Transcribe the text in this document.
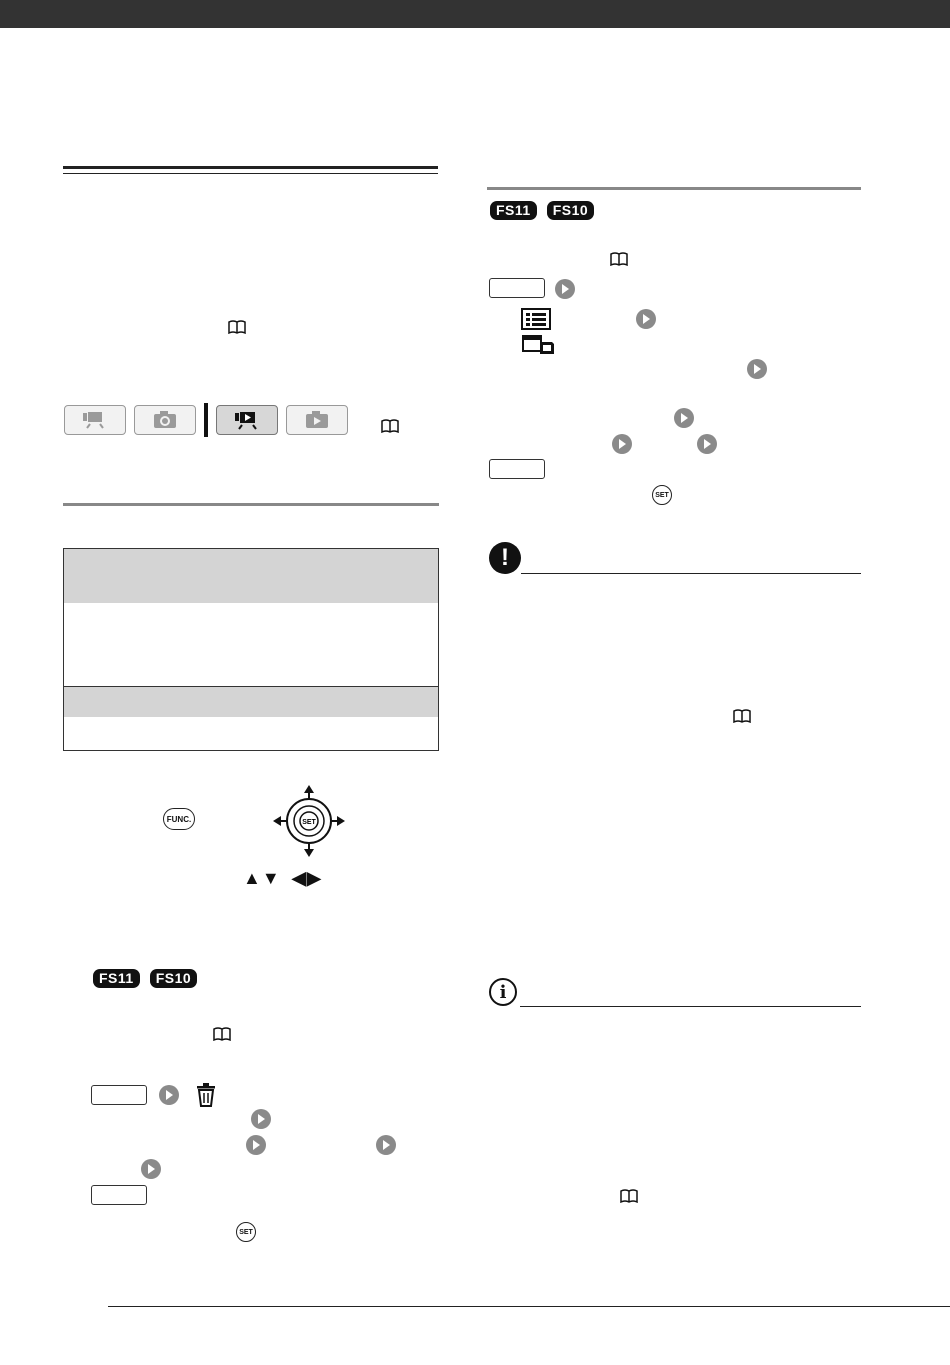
FUNC.	SET
▲▼ ◀▶
FS11	FS10
SET
FS11	FS10
SET
!
i
